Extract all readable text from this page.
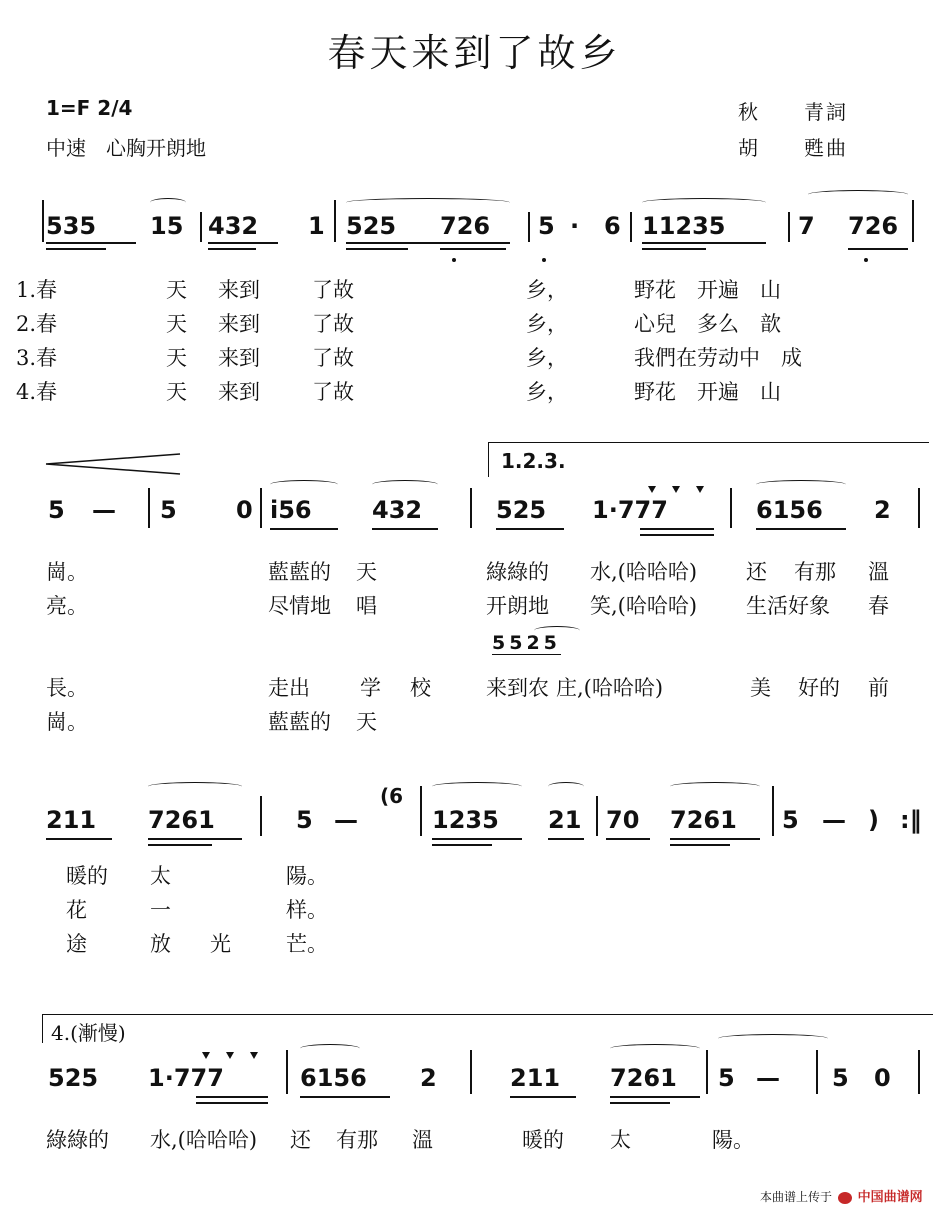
春天来到了故乡
1=F 2/4
中速　心胸开朗地
秋　　青詞
胡　　甦曲
535 15 432 1 525 726 5 · 6 11235	7 726
1.春	天 来到 了故	乡，	野花　开遍　山
2.春	天 来到 了故	乡，	心兒　多么　歆
3.春	天 来到 了故	乡，	我們在劳动中　成
4.春	天 来到 了故	乡，	野花　开遍　山
1.2.3.
5 — 5 0 i56	432	525 1·777	6156 2
崗。	藍藍的 天	綠綠的 水,(哈哈哈) 还 有那 溫
亮。	尽情地 唱	开朗地 笑,(哈哈哈) 生活好象 春
長。	走出 学 校	来到农 庄,(哈哈哈)	美 好的 前
崗。	藍藍的 天
5525
211 7261	5 —
(6
1235 21 70 7261 5 — ) :‖
暖的 太	陽。
花	一	样。
途	放 光	芒。
4.(漸慢)
525 1·777	6156 2	211 7261 5 — 5 0
綠綠的 水,(哈哈哈) 还 有那 溫	暖的 太	陽。
本曲谱上传于 中国曲谱网
